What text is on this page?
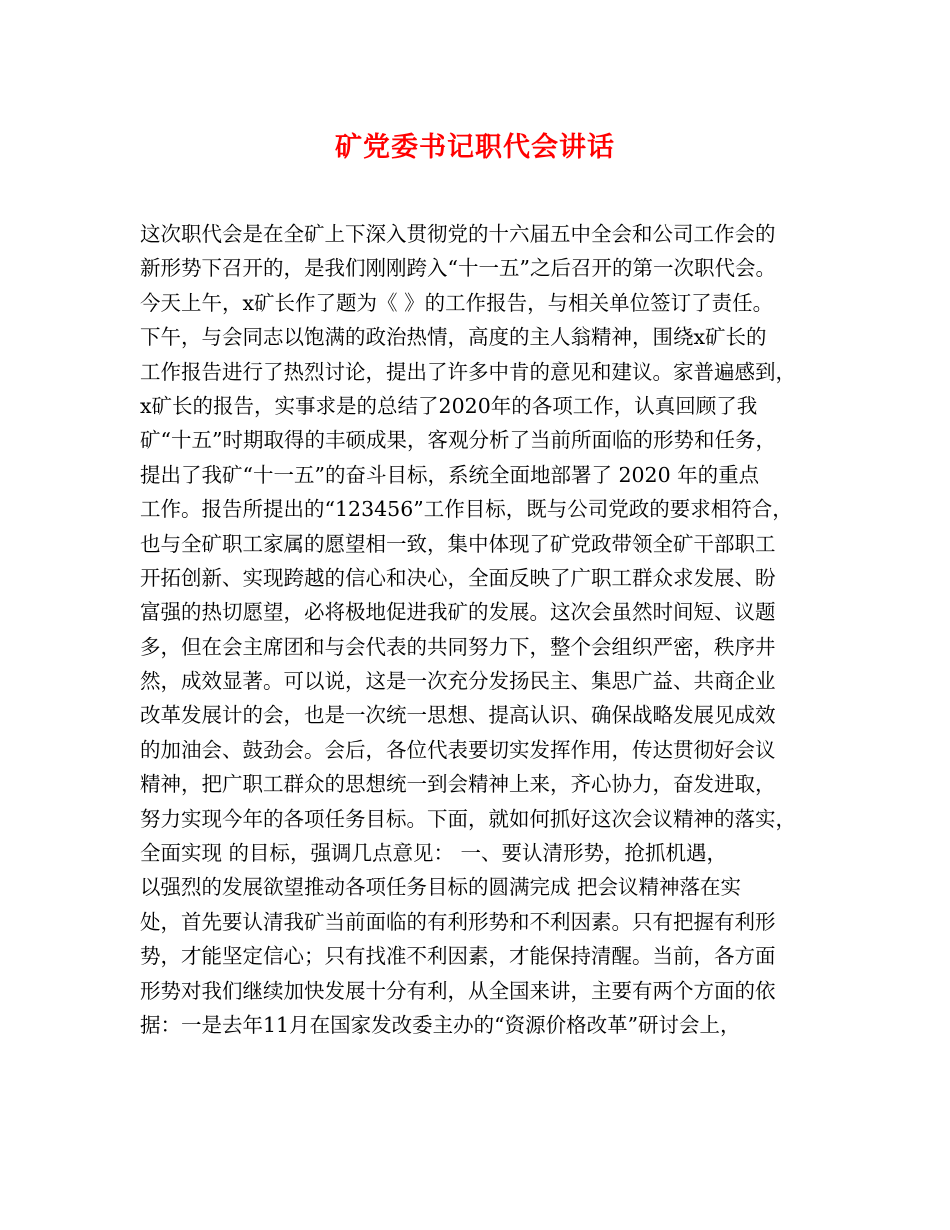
矿党委书记职代会讲话
这次职代会是在全矿上下深入贯彻党的十六届五中全会和公司工作会的
新形势下召开的，是我们刚刚跨入“十一五”之后召开的第一次职代会。
今天上午，x矿长作了题为《 》的工作报告，与相关单位签订了责任。
下午，与会同志以饱满的政治热情，高度的主人翁精神，围绕x矿长的
工作报告进行了热烈讨论，提出了许多中肯的意见和建议。家普遍感到，
x矿长的报告，实事求是的总结了2020年的各项工作，认真回顾了我
矿“十五”时期取得的丰硕成果，客观分析了当前所面临的形势和任务，
提出了我矿“十一五”的奋斗目标，系统全面地部署了 2020 年的重点
工作。报告所提出的“123456”工作目标，既与公司党政的要求相符合，
也与全矿职工家属的愿望相一致，集中体现了矿党政带领全矿干部职工
开拓创新、实现跨越的信心和决心，全面反映了广职工群众求发展、盼
富强的热切愿望，必将极地促进我矿的发展。这次会虽然时间短、议题
多，但在会主席团和与会代表的共同努力下，整个会组织严密，秩序井
然，成效显著。可以说，这是一次充分发扬民主、集思广益、共商企业
改革发展计的会，也是一次统一思想、提高认识、确保战略发展见成效
的加油会、鼓劲会。会后，各位代表要切实发挥作用，传达贯彻好会议
精神，把广职工群众的思想统一到会精神上来，齐心协力，奋发进取，
努力实现今年的各项任务目标。下面，就如何抓好这次会议精神的落实，
全面实现 的目标，强调几点意见： 一、要认清形势，抢抓机遇，
以强烈的发展欲望推动各项任务目标的圆满完成 把会议精神落在实
处，首先要认清我矿当前面临的有利形势和不利因素。只有把握有利形
势，才能坚定信心；只有找准不利因素，才能保持清醒。当前，各方面
形势对我们继续加快发展十分有利，从全国来讲，主要有两个方面的依
据：一是去年11月在国家发改委主办的“资源价格改革”研讨会上，
